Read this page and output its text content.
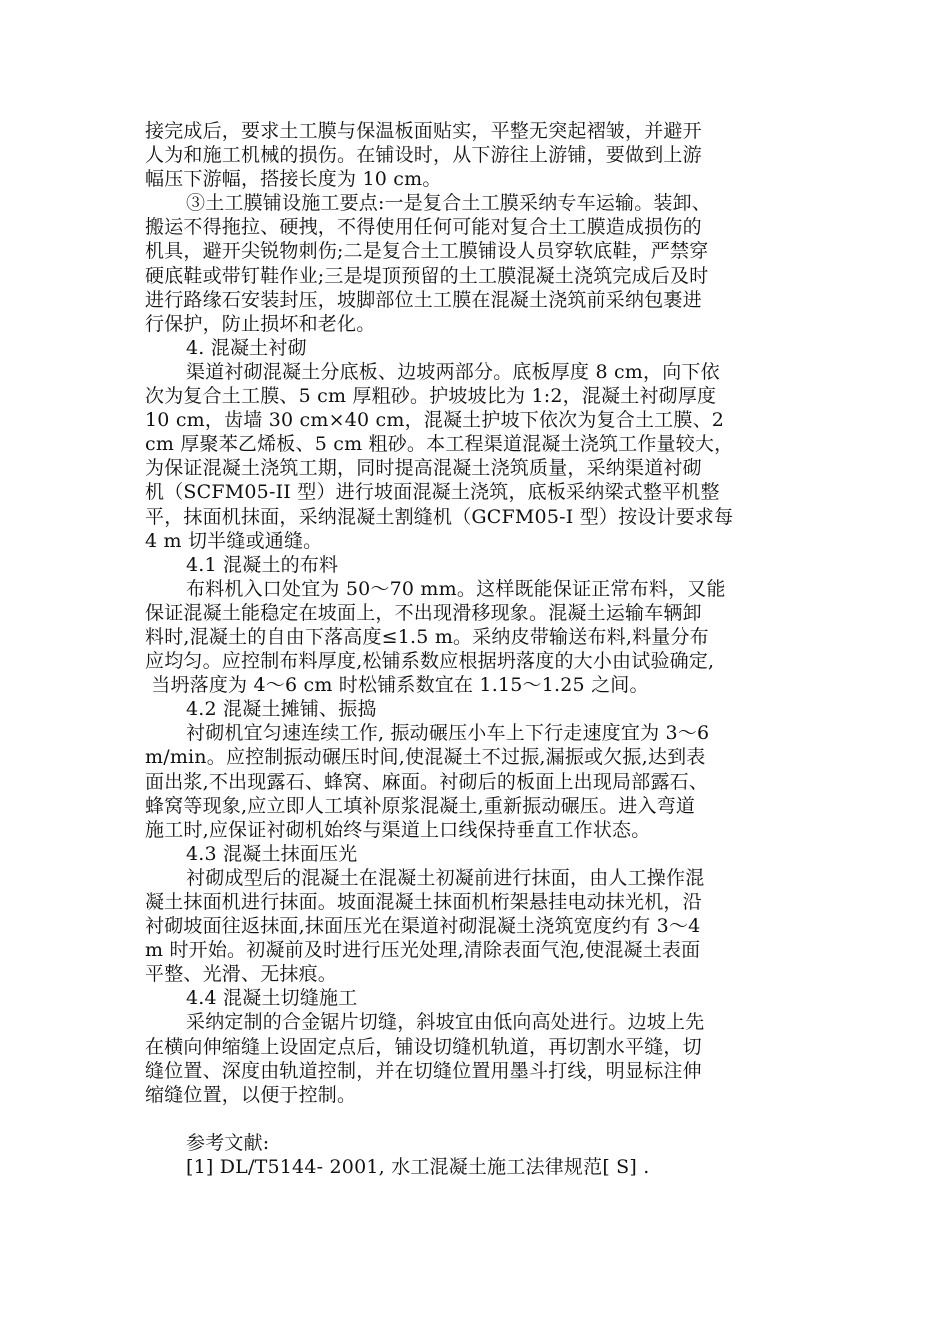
接完成后，要求土工膜与保温板面贴实，平整无突起褶皱，并避开
人为和施工机械的损伤。在铺设时，从下游往上游铺，要做到上游
幅压下游幅，搭接长度为 10 cm。
③土工膜铺设施工要点:一是复合土工膜采纳专车运输。装卸、
搬运不得拖拉、硬拽，不得使用任何可能对复合土工膜造成损伤的
机具，避开尖锐物刺伤;二是复合土工膜铺设人员穿软底鞋，严禁穿
硬底鞋或带钉鞋作业;三是堤顶预留的土工膜混凝土浇筑完成后及时
进行路缘石安装封压，坡脚部位土工膜在混凝土浇筑前采纳包裹进
行保护，防止损坏和老化。
4. 混凝土衬砌
渠道衬砌混凝土分底板、边坡两部分。底板厚度 8 cm，向下依
次为复合土工膜、5 cm 厚粗砂。护坡坡比为 1:2，混凝土衬砌厚度
10 cm，齿墙 30 cm×40 cm，混凝土护坡下依次为复合土工膜、2
cm 厚聚苯乙烯板、5 cm 粗砂。本工程渠道混凝土浇筑工作量较大，
为保证混凝土浇筑工期，同时提高混凝土浇筑质量，采纳渠道衬砌
机（SCFM05-II 型）进行坡面混凝土浇筑，底板采纳梁式整平机整
平，抹面机抹面，采纳混凝土割缝机（GCFM05-I 型）按设计要求每
4 m 切半缝或通缝。
4.1 混凝土的布料
布料机入口处宜为 50～70 mm。这样既能保证正常布料，又能
保证混凝土能稳定在坡面上，不出现滑移现象。混凝土运输车辆卸
料时,混凝土的自由下落高度≤1.5 m。采纳皮带输送布料,料量分布
应均匀。应控制布料厚度,松铺系数应根据坍落度的大小由试验确定,
当坍落度为 4～6 cm 时松铺系数宜在 1.15～1.25 之间。
4.2 混凝土摊铺、振捣
衬砌机宜匀速连续工作, 振动碾压小车上下行走速度宜为 3～6
m/min。应控制振动碾压时间,使混凝土不过振,漏振或欠振,达到表
面出浆,不出现露石、蜂窝、麻面。衬砌后的板面上出现局部露石、
蜂窝等现象,应立即人工填补原浆混凝土,重新振动碾压。进入弯道
施工时,应保证衬砌机始终与渠道上口线保持垂直工作状态。
4.3 混凝土抹面压光
衬砌成型后的混凝土在混凝土初凝前进行抹面，由人工操作混
凝土抹面机进行抹面。坡面混凝土抹面机桁架悬挂电动抹光机，沿
衬砌坡面往返抹面,抹面压光在渠道衬砌混凝土浇筑宽度约有 3～4
m 时开始。初凝前及时进行压光处理,清除表面气泡,使混凝土表面
平整、光滑、无抹痕。
4.4 混凝土切缝施工
采纳定制的合金锯片切缝，斜坡宜由低向高处进行。边坡上先
在横向伸缩缝上设固定点后，铺设切缝机轨道，再切割水平缝，切
缝位置、深度由轨道控制，并在切缝位置用墨斗打线，明显标注伸
缩缝位置，以便于控制。
参考文献:
[1] DL/T5144- 2001, 水工混凝土施工法律规范[ S] .
